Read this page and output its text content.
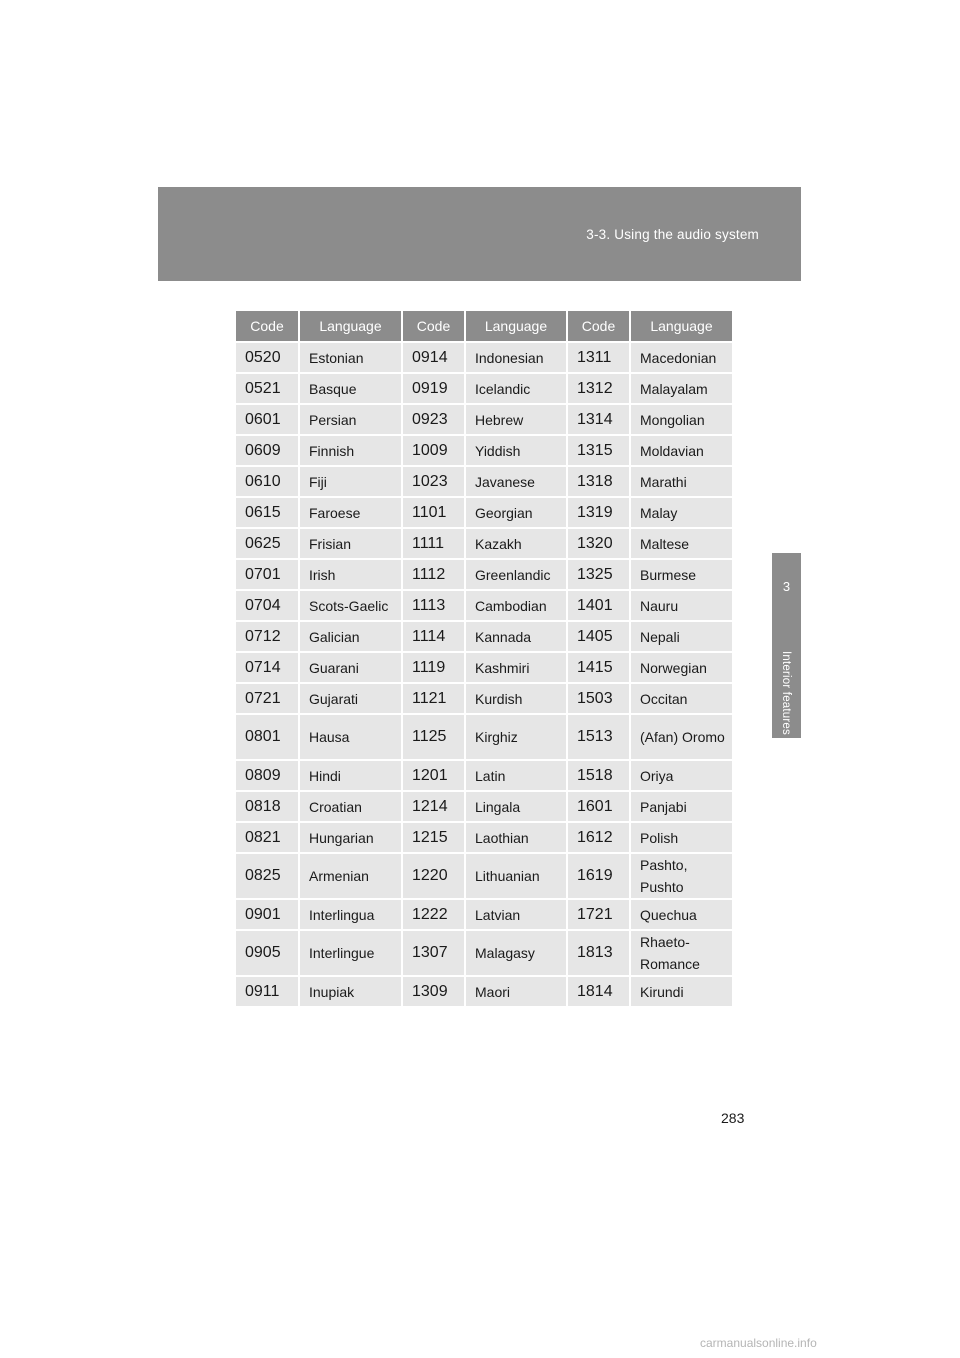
3-3. Using the audio system
3
Interior features
Code	Language	Code	Language	Code	Language
0520	Estonian	0914	Indonesian	1311	Macedonian
0521	Basque	0919	Icelandic	1312	Malayalam
0601	Persian	0923	Hebrew	1314	Mongolian
0609	Finnish	1009	Yiddish	1315	Moldavian
0610	Fiji	1023	Javanese	1318	Marathi
0615	Faroese	1101	Georgian	1319	Malay
0625	Frisian	1111	Kazakh	1320	Maltese
0701	Irish	1112	Greenlandic	1325	Burmese
0704	Scots-Gaelic	1113	Cambodian	1401	Nauru
0712	Galician	1114	Kannada	1405	Nepali
0714	Guarani	1119	Kashmiri	1415	Norwegian
0721	Gujarati	1121	Kurdish	1503	Occitan
0801	Hausa	1125	Kirghiz	1513	(Afan) Oromo
0809	Hindi	1201	Latin	1518	Oriya
0818	Croatian	1214	Lingala	1601	Panjabi
0821	Hungarian	1215	Laothian	1612	Polish
0825	Armenian	1220	Lithuanian	1619	Pashto, Pushto
0901	Interlingua	1222	Latvian	1721	Quechua
0905	Interlingue	1307	Malagasy	1813	Rhaeto- Romance
0911	Inupiak	1309	Maori	1814	Kirundi
283
carmanualsonline.info
